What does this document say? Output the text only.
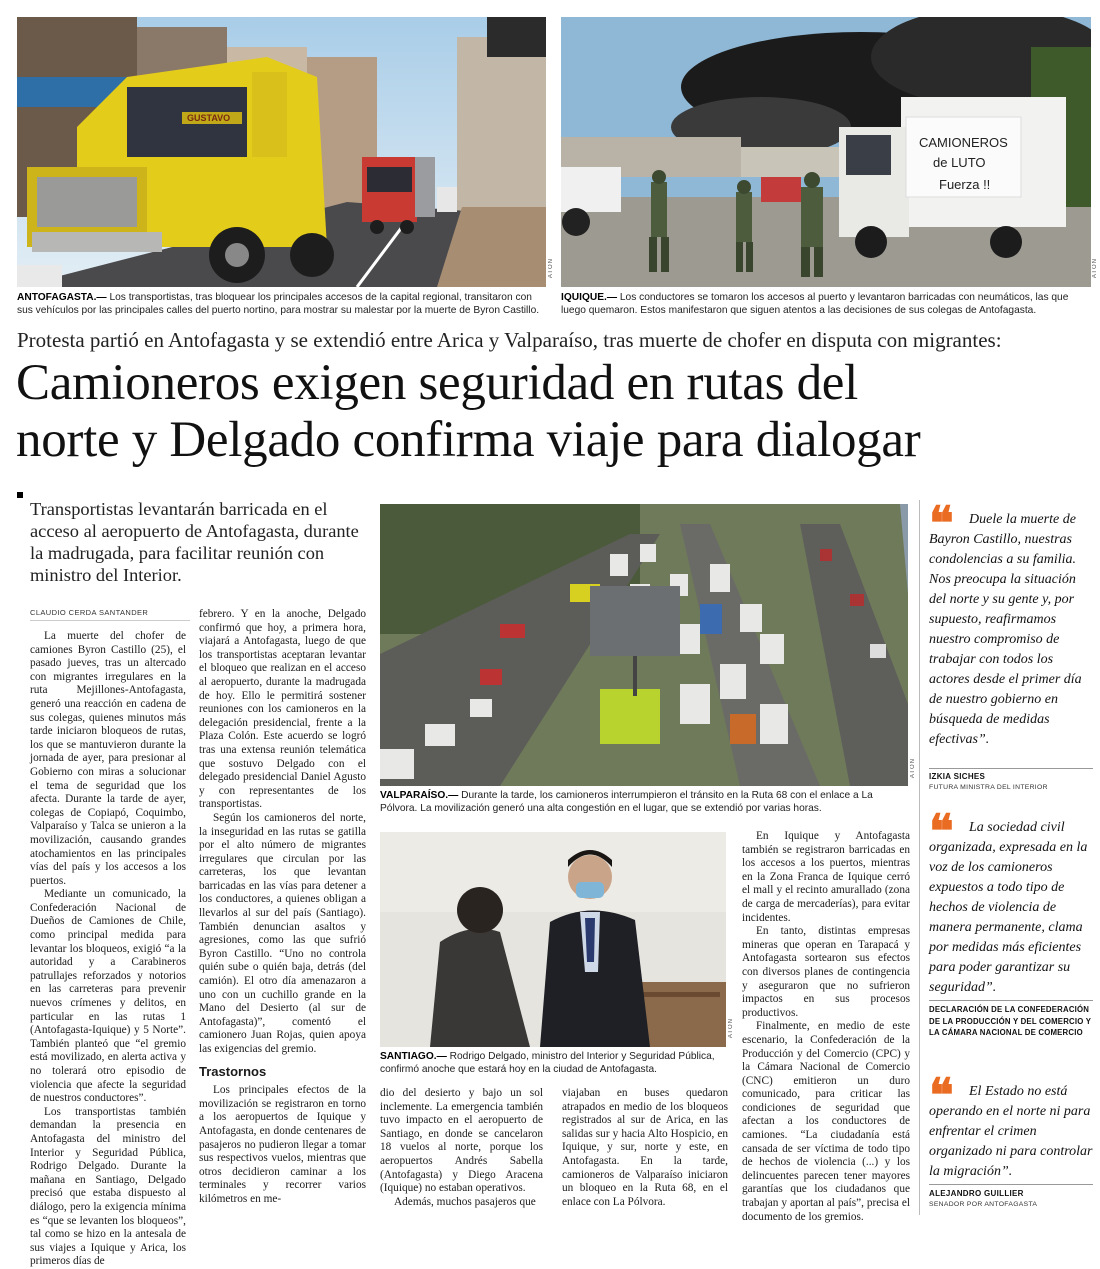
GUSTAVO
ATON
ANTOFAGASTA.— Los transportistas, tras bloquear los principales accesos de la capital regional, transitaron con sus vehículos por las principales calles del puerto nortino, para mostrar su malestar por la muerte de Byron Castillo.
CAMIONEROS
de LUTO
Fuerza !!
ATON
IQUIQUE.— Los conductores se tomaron los accesos al puerto y levantaron barricadas con neumáticos, las que luego quemaron. Estos manifestaron que siguen atentos a las decisiones de sus colegas de Antofagasta.
Protesta partió en Antofagasta y se extendió entre Arica y Valparaíso, tras muerte de chofer en disputa con migrantes:
Camioneros exigen seguridad en rutas del
norte y Delgado confirma viaje para dialogar
Transportistas levantarán barricada en el acceso al aeropuerto de Antofagasta, durante la madrugada, para facilitar reunión con ministro del Interior.
CLAUDIO CERDA SANTANDER
ATON
VALPARAÍSO.— Durante la tarde, los camioneros interrumpieron el tránsito en la Ruta 68 con el enlace a La Pólvora. La movilización generó una alta congestión en el lugar, que se extendió por varias horas.
ATON
SANTIAGO.— Rodrigo Delgado, ministro del Interior y Seguridad Pública, confirmó anoche que estará hoy en la ciudad de Antofagasta.

La muerte del chofer de camiones Byron Castillo (25), el pasado jueves, tras un altercado con migrantes irregulares en la ruta Mejillones-Antofagasta, generó una reacción en cadena de sus colegas, quienes minutos más tarde iniciaron bloqueos de rutas, los que se mantuvieron durante la jornada de ayer, para presionar al Gobierno con miras a solucionar el tema de seguridad que los afecta. Durante la tarde de ayer, colegas de Copiapó, Coquimbo, Valparaíso y Talca se unieron a la movilización, causando grandes atochamientos en las principales vías del país y los accesos a los puertos.

Mediante un comunicado, la Confederación Nacional de Dueños de Camiones de Chile, como principal medida para levantar los bloqueos, exigió “a la autoridad y a Carabineros patrullajes reforzados y notorios en las carreteras para prevenir nuevos crímenes y delitos, en particular en las rutas 1 (Antofagasta-Iquique) y 5 Norte”. También planteó que “el gremio está movilizado, en alerta activa y no tolerará otro episodio de violencia que afecte la seguridad de nuestros conductores”.

Los transportistas también demandan la presencia en Antofagasta del ministro del Interior y Seguridad Pública, Rodrigo Delgado. Durante la mañana en Santiago, Delgado precisó que estaba dispuesto al diálogo, pero la exigencia mínima es “que se levanten los bloqueos”, tal como se hizo en la antesala de sus viajes a Iquique y Arica, los primeros días de

febrero. Y en la anoche, Delgado confirmó que hoy, a primera hora, viajará a Antofagasta, luego de que los transportistas aceptaran levantar el bloqueo que realizan en el acceso al aeropuerto, durante la madrugada de hoy. Ello le permitirá sostener reuniones con los camioneros en la delegación presidencial, frente a la Plaza Colón. Este acuerdo se logró tras una extensa reunión telemática que sostuvo Delgado con el delegado presidencial Daniel Agusto y con representantes de los transportistas.

Según los camioneros del norte, la inseguridad en las rutas se gatilla por el alto número de migrantes irregulares que circulan por las carreteras, los que levantan barricadas en las vías para detener a los conductores, a quienes obligan a llevarlos al sur del país (Santiago). También denuncian asaltos y agresiones, como las que sufrió Byron Castillo. “Uno no controla quién sube o quién baja, detrás (del camión). El otro día amenazaron a uno con un cuchillo grande en la Mano del Desierto (al sur de Antofagasta)”, comentó el camionero Juan Rojas, quien apoya las exigencias del gremio.

Trastornos

Los principales efectos de la movilización se registraron en torno a los aeropuertos de Iquique y Antofagasta, en donde centenares de pasajeros no pudieron llegar a tomar sus respectivos vuelos, mientras que otros decidieron caminar a los terminales y recorrer varios kilómetros en me-

dio del desierto y bajo un sol inclemente. La emergencia también tuvo impacto en el aeropuerto de Santiago, en donde se cancelaron 18 vuelos al norte, porque los aeropuertos Andrés Sabella (Antofagasta) y Diego Aracena (Iquique) no estaban operativos.

Además, muchos pasajeros que

viajaban en buses quedaron atrapados en medio de los bloqueos registrados al sur de Arica, en las salidas sur y hacia Alto Hospicio, en Iquique, y sur, norte y este, en Antofagasta. En la tarde, camioneros de Valparaíso iniciaron un bloqueo en la Ruta 68, en el enlace con La Pólvora.

En Iquique y Antofagasta también se registraron barricadas en los accesos a los puertos, mientras en la Zona Franca de Iquique cerró el mall y el recinto amurallado (zona de carga de mercaderías), para evitar incidentes.

En tanto, distintas empresas mineras que operan en Tarapacá y Antofagasta sortearon sus efectos con diversos planes de contingencia y aseguraron que no sufrieron impactos en sus procesos productivos.

Finalmente, en medio de este escenario, la Confederación de la Producción y del Comercio (CPC) y la Cámara Nacional de Comercio (CNC) emitieron un duro comunicado, para criticar las condiciones de seguridad que afectan a los conductores de camiones. “La ciudadanía está cansada de ser víctima de todo tipo de hechos de violencia (...) y los delincuentes parecen tener mayores garantías que los ciudadanos que trabajan y aportan al país”, precisa el documento de los gremios.

❝	Duele la muerte de Bayron Castillo, nuestras condolencias a su familia. Nos preocupa la situación del norte y su gente y, por supuesto, reafirmamos nuestro compromiso de trabajar con todos los actores desde el primer día de nuestro gobierno en búsqueda de medidas efectivas”.
IZKIA SICHES
FUTURA MINISTRA DEL INTERIOR
❝	La sociedad civil organizada, expresada en la voz de los camioneros expuestos a todo tipo de hechos de violencia de manera permanente, clama por medidas más eficientes para poder garantizar su seguridad”.
DECLARACIÓN DE LA CONFEDERACIÓN DE LA PRODUCCIÓN Y DEL COMERCIO Y LA CÁMARA NACIONAL DE COMERCIO
❝	El Estado no está operando en el norte ni para enfrentar el crimen organizado ni para controlar la migración”.
ALEJANDRO GUILLIER
SENADOR POR ANTOFAGASTA
